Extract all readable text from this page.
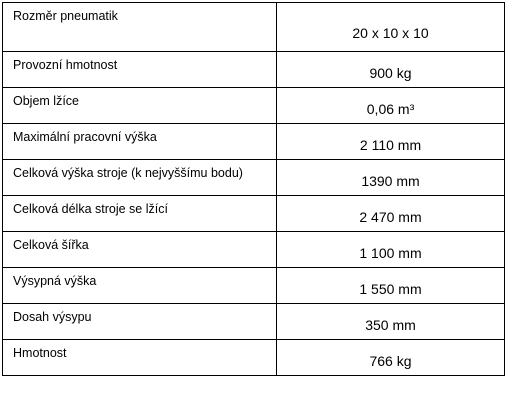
Rozměr pneumatik	20 x 10 x 10

Provozní hmotnost	900 kg

Objem lžíce	0,06 m³

Maximální pracovní výška	2 110 mm

Celková výška stroje (k nejvyššímu bodu)	1390 mm

Celková délka stroje se lžící	2 470 mm

Celková šířka	1 100 mm

Výsypná výška	1 550 mm

Dosah výsypu	350 mm

Hmotnost	766 kg
